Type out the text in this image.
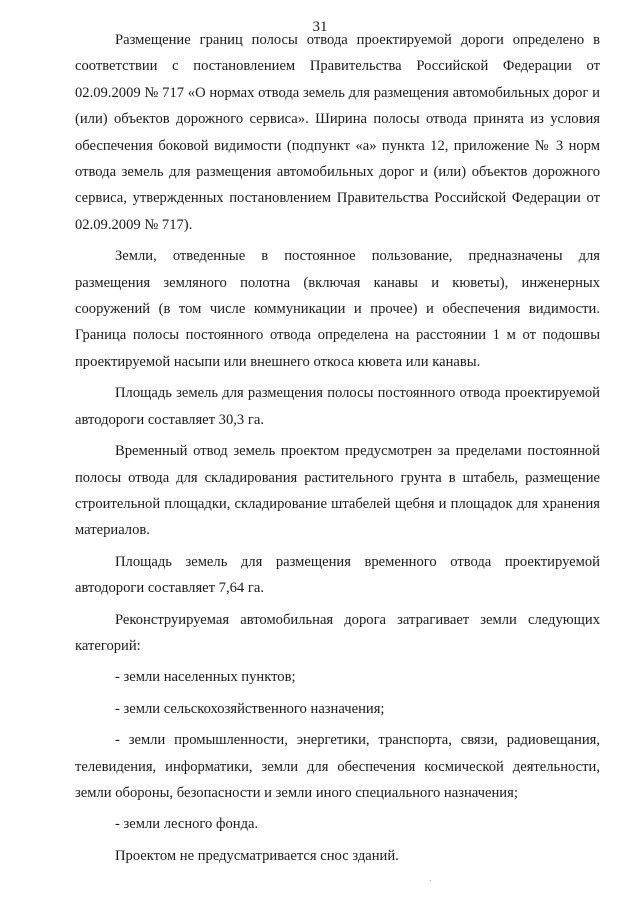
31

Размещение границ полосы отвода проектируемой дороги определено в соответствии с постановлением Правительства Российской Федерации от 02.09.2009 № 717 «О нормах отвода земель для размещения автомобильных дорог и (или) объектов дорожного сервиса». Ширина полосы отвода принята из условия обеспечения боковой видимости (подпункт «а» пункта 12, приложение № 3 норм отвода земель для размещения автомобильных дорог и (или) объектов дорожного сервиса, утвержденных постановлением Правительства Российской Федерации от 02.09.2009 № 717).

Земли, отведенные в постоянное пользование, предназначены для размещения земляного полотна (включая канавы и кюветы), инженерных сооружений (в том числе коммуникации и прочее) и обеспечения видимости. Граница полосы постоянного отвода определена на расстоянии 1 м от подошвы проектируемой насыпи или внешнего откоса кювета или канавы.

Площадь земель для размещения полосы постоянного отвода проектируемой автодороги составляет 30,3 га.

Временный отвод земель проектом предусмотрен за пределами постоянной полосы отвода для складирования растительного грунта в штабель, размещение строительной площадки, складирование штабелей щебня и площадок для хранения материалов.

Площадь земель для размещения временного отвода проектируемой автодороги составляет 7,64 га.

Реконструируемая автомобильная дорога затрагивает земли следующих категорий:

- земли населенных пунктов;

- земли сельскохозяйственного назначения;

- земли промышленности, энергетики, транспорта, связи, радиовещания, телевидения, информатики, земли для обеспечения космической деятельности, земли обороны, безопасности и земли иного специального назначения;

- земли лесного фонда.

Проектом не предусматривается снос зданий.
